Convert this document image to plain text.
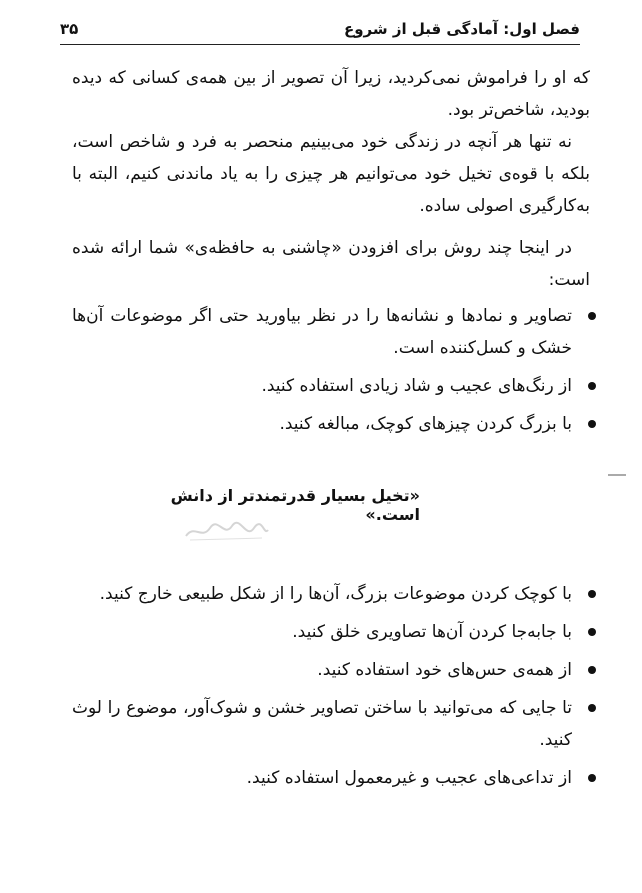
فصل اول: آمادگی قبل از شروع
۳۵
که او را فراموش نمی‌کردید، زیرا آن تصویر از بین همه‌ی کسانی که دیده بودید، شاخص‌تر بود.
نه تنها هر آنچه در زندگی خود می‌بینیم منحصر به فرد و شاخص است، بلکه با قوه‌ی تخیل خود می‌توانیم هر چیزی را به یاد ماندنی کنیم، البته با به‌کارگیری اصولی ساده.
در اینجا چند روش برای افزودن «چاشنی به حافظه‌ی» شما ارائه شده است:
تصاویر و نمادها و نشانه‌ها را در نظر بیاورید حتی اگر موضوعات آن‌ها خشک و کسل‌کننده است.
از رنگ‌های عجیب و شاد زیادی استفاده کنید.
با بزرگ کردن چیزهای کوچک، مبالغه کنید.
«تخیل بسیار قدرتمندتر از دانش است.»
با کوچک کردن موضوعات بزرگ، آن‌ها را از شکل طبیعی خارج کنید.
با جابه‌جا کردن آن‌ها تصاویری خلق کنید.
از همه‌ی حس‌های خود استفاده کنید.
تا جایی که می‌توانید با ساختن تصاویر خشن و شوک‌آور، موضوع را لوث کنید.
از تداعی‌های عجیب و غیرمعمول استفاده کنید.
